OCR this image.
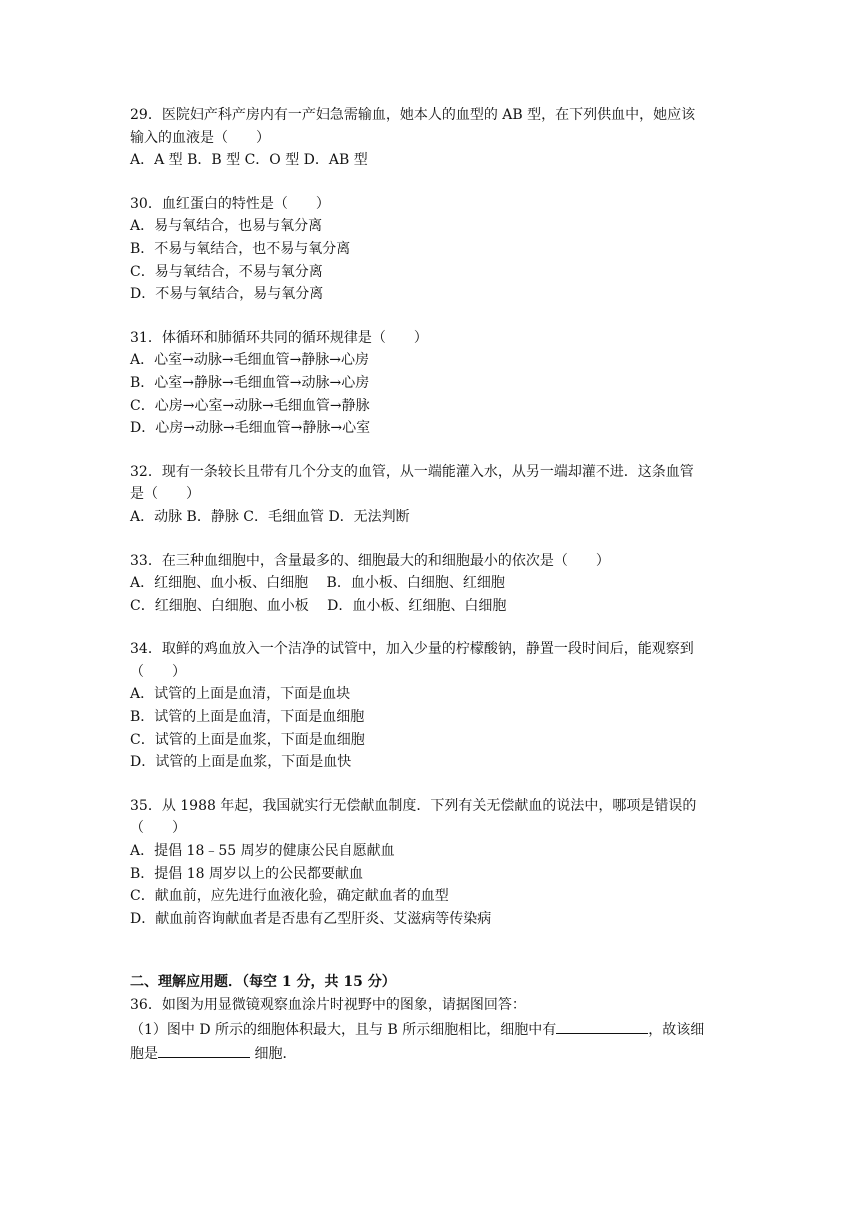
29．医院妇产科产房内有一产妇急需输血，她本人的血型的 AB 型，在下列供血中，她应该
输入的血液是（　　）
A．A 型 B．B 型 C．O 型 D．AB 型
30．血红蛋白的特性是（　　）
A．易与氧结合，也易与氧分离
B．不易与氧结合，也不易与氧分离
C．易与氧结合，不易与氧分离
D．不易与氧结合，易与氧分离
31．体循环和肺循环共同的循环规律是（　　）
A．心室→动脉→毛细血管→静脉→心房
B．心室→静脉→毛细血管→动脉→心房
C．心房→心室→动脉→毛细血管→静脉
D．心房→动脉→毛细血管→静脉→心室
32．现有一条较长且带有几个分支的血管，从一端能灌入水，从另一端却灌不进．这条血管
是（　　）
A．动脉 B．静脉 C．毛细血管 D．无法判断
33．在三种血细胞中，含量最多的、细胞最大的和细胞最小的依次是（　　）
A．红细胞、血小板、白细胞　 B．血小板、白细胞、红细胞
C．红细胞、白细胞、血小板　 D．血小板、红细胞、白细胞
34．取鲜的鸡血放入一个洁净的试管中，加入少量的柠檬酸钠，静置一段时间后，能观察到
（　　）
A．试管的上面是血清，下面是血块
B．试管的上面是血清，下面是血细胞
C．试管的上面是血浆，下面是血细胞
D．试管的上面是血浆，下面是血快
35．从 1988 年起，我国就实行无偿献血制度．下列有关无偿献血的说法中，哪项是错误的
（　　）
A．提倡 18﹣55 周岁的健康公民自愿献血
B．提倡 18 周岁以上的公民都要献血
C．献血前，应先进行血液化验，确定献血者的血型
D．献血前咨询献血者是否患有乙型肝炎、艾滋病等传染病
二、理解应用题．（每空 1 分，共 15 分）
36．如图为用显微镜观察血涂片时视野中的图象，请据图回答：
（1）图中 D 所示的细胞体积最大，且与 B 所示细胞相比，细胞中有	，故该细
胞是	细胞．
